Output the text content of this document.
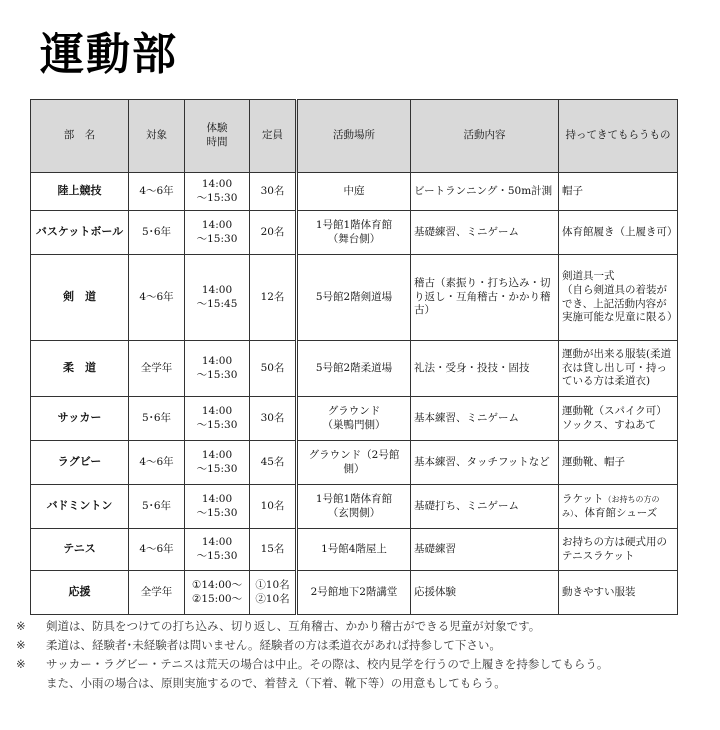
運動部
部　名	対象	体験
時間	定員	活動場所	活動内容	持ってきてもらうもの
陸上競技	4～6年	14:00
～15:30	30名	中庭	ビートランニング・50m計測	帽子
バスケットボール	5･6年	14:00
～15:30	20名	1号館1階体育館
（舞台側）	基礎練習、ミニゲーム	体育館履き（上履き可）
剣　道	4～6年	14:00
～15:45	12名	5号館2階剣道場	稽古（素振り・打ち込み・切り返し・互角稽古・かかり稽古）	剣道具一式
（自ら剣道具の着装ができ、上記活動内容が実施可能な児童に限る）
柔　道	全学年	14:00
～15:30	50名	5号館2階柔道場	礼法・受身・投技・固技	運動が出来る服装(柔道衣は貸し出し可・持っている方は柔道衣)
サッカー	5･6年	14:00
～15:30	30名	グラウンド
（巣鴨門側）	基本練習、ミニゲーム	運動靴（スパイク可）
ソックス、すねあて
ラグビー	4～6年	14:00
～15:30	45名	グラウンド（2号館側）	基本練習、タッチフットなど	運動靴、帽子
バドミントン	5･6年	14:00
～15:30	10名	1号館1階体育館
（玄関側）	基礎打ち、ミニゲーム	ラケット（お持ちの方のみ）、体育館シューズ
テニス	4～6年	14:00
～15:30	15名	1号館4階屋上	基礎練習	お持ちの方は硬式用のテニスラケット
応援	全学年	①14:00～
②15:00～	①10名
②10名	2号館地下2階講堂	応援体験	動きやすい服装
※	剣道は、防具をつけての打ち込み、切り返し、互角稽古、かかり稽古ができる児童が対象です。
※	柔道は、経験者･未経験者は問いません。経験者の方は柔道衣があれば持参して下さい。
※	サッカー・ラグビー・テニスは荒天の場合は中止。その際は、校内見学を行うので上履きを持参してもらう。
また、小雨の場合は、原則実施するので、着替え（下着、靴下等）の用意もしてもらう。
